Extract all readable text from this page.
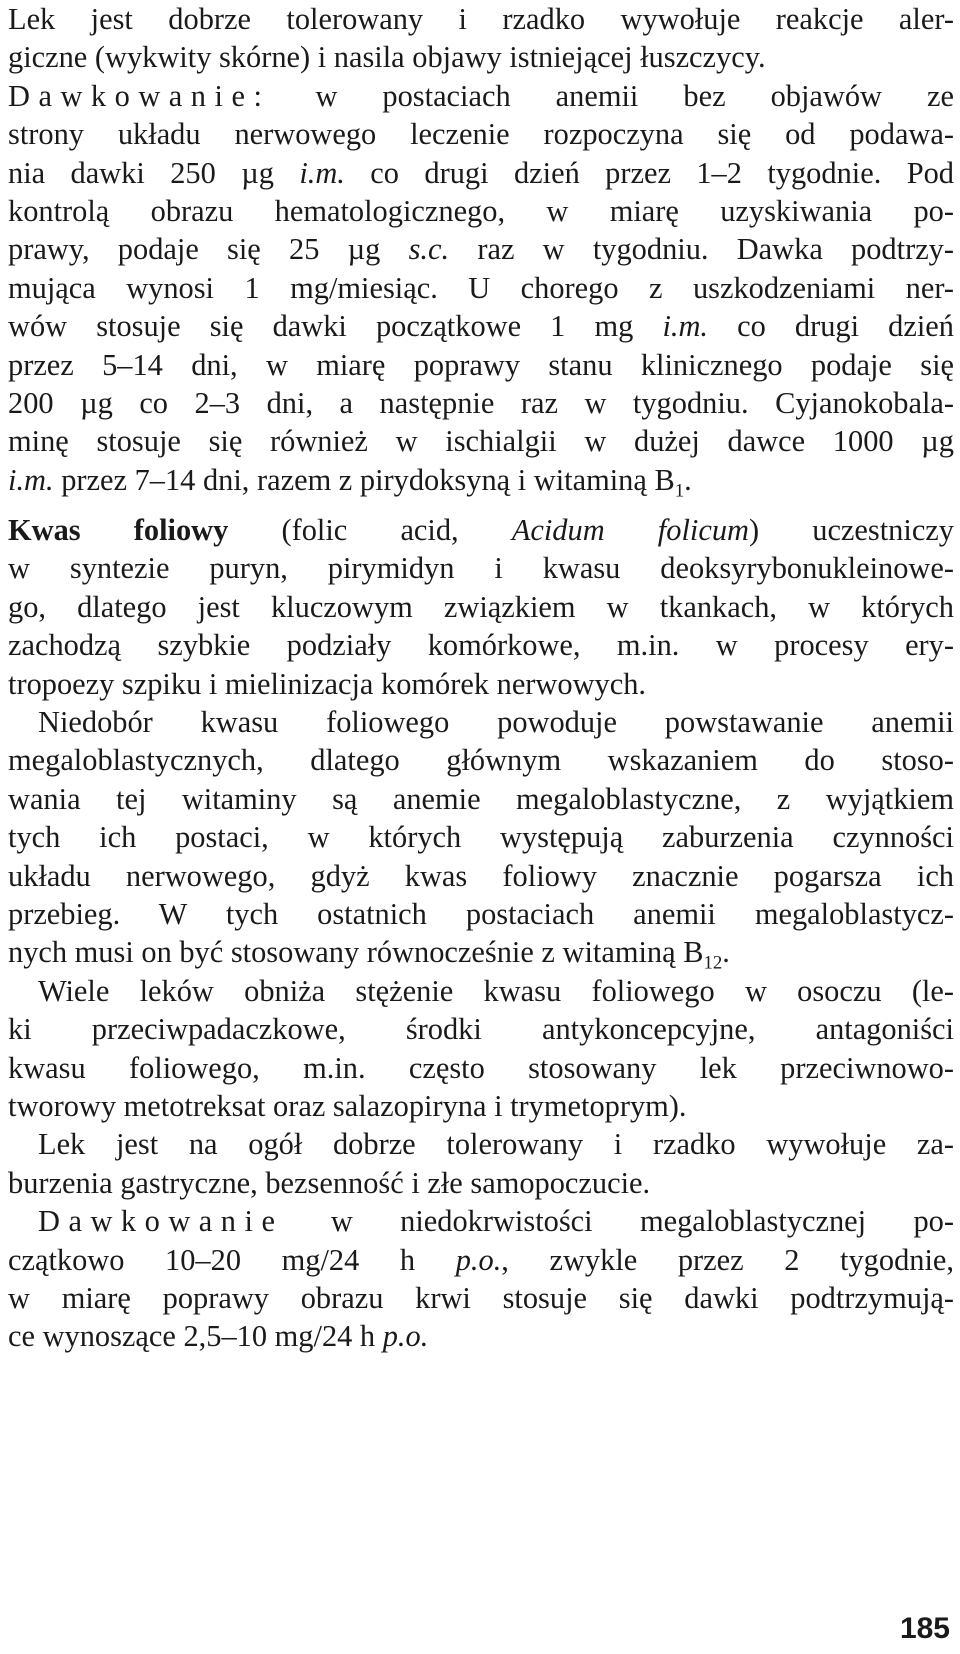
Lek jest dobrze tolerowany i rzadko wywołuje reakcje aler-
giczne (wykwity skórne) i nasila objawy istniejącej łuszczycy.
Dawkowanie: w postaciach anemii bez objawów ze
strony układu nerwowego leczenie rozpoczyna się od podawa-
nia dawki 250 µg i.m. co drugi dzień przez 1–2 tygodnie. Pod
kontrolą obrazu hematologicznego, w miarę uzyskiwania po-
prawy, podaje się 25 µg s.c. raz w tygodniu. Dawka podtrzy-
mująca wynosi 1 mg/miesiąc. U chorego z uszkodzeniami ner-
wów stosuje się dawki początkowe 1 mg i.m. co drugi dzień
przez 5–14 dni, w miarę poprawy stanu klinicznego podaje się
200 µg co 2–3 dni, a następnie raz w tygodniu. Cyjanokobala-
minę stosuje się również w ischialgii w dużej dawce 1000 µg
i.m. przez 7–14 dni, razem z pirydoksyną i witaminą $B_1$.
Kwas foliowy (folic acid, Acidum folicum) uczestniczy
w syntezie puryn, pirymidyn i kwasu deoksyrybonukleinowe-
go, dlatego jest kluczowym związkiem w tkankach, w których
zachodzą szybkie podziały komórkowe, m.in. w procesy ery-
tropoezy szpiku i mielinizacja komórek nerwowych.
Niedobór kwasu foliowego powoduje powstawanie anemii
megaloblastycznych, dlatego głównym wskazaniem do stoso-
wania tej witaminy są anemie megaloblastyczne, z wyjątkiem
tych ich postaci, w których występują zaburzenia czynności
układu nerwowego, gdyż kwas foliowy znacznie pogarsza ich
przebieg. W tych ostatnich postaciach anemii megaloblastycz-
nych musi on być stosowany równocześnie z witaminą $B_{12}$.
Wiele leków obniża stężenie kwasu foliowego w osoczu (le-
ki przeciwpadaczkowe, środki antykoncepcyjne, antagoniści
kwasu foliowego, m.in. często stosowany lek przeciwnowo-
tworowy metotreksat oraz salazopiryna i trymetoprym).
Lek jest na ogół dobrze tolerowany i rzadko wywołuje za-
burzenia gastryczne, bezsenność i złe samopoczucie.
Dawkowanie w niedokrwistości megaloblastycznej po-
czątkowo 10–20 mg/24 h p.o., zwykle przez 2 tygodnie,
w miarę poprawy obrazu krwi stosuje się dawki podtrzymują-
ce wynoszące 2,5–10 mg/24 h p.o.
185
